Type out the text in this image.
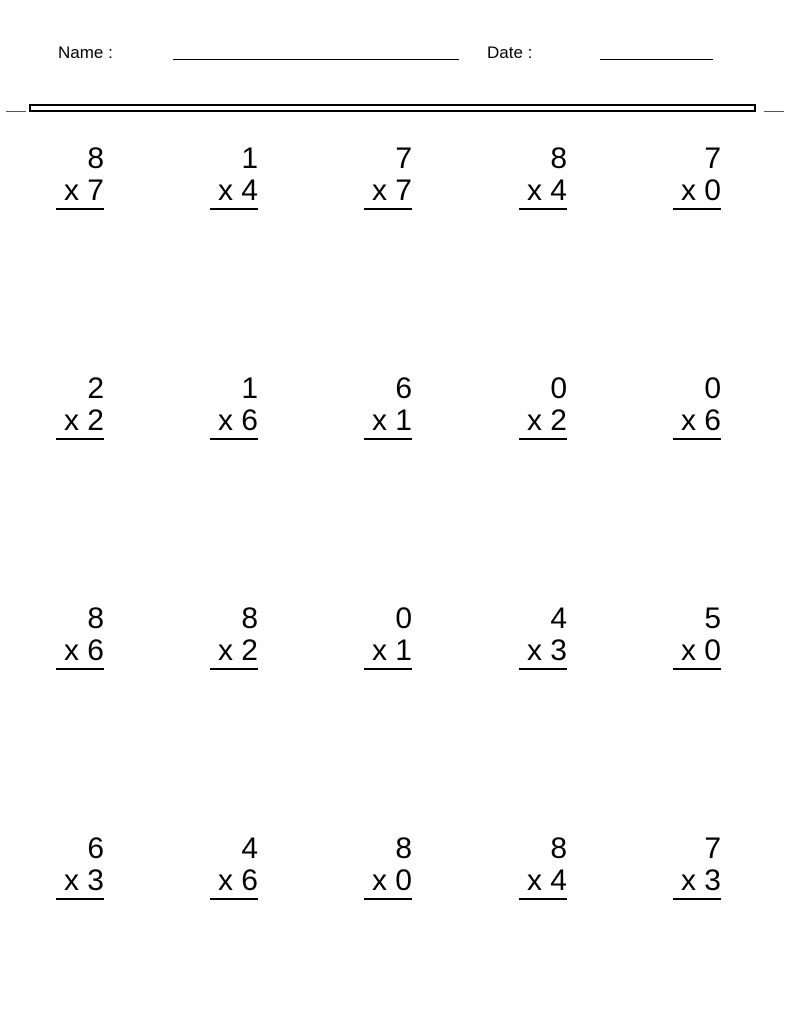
Name :	Date :
8
x 7
1
x 4
7
x 7
8
x 4
7
x 0
2
x 2
1
x 6
6
x 1
0
x 2
0
x 6
8
x 6
8
x 2
0
x 1
4
x 3
5
x 0
6
x 3
4
x 6
8
x 0
8
x 4
7
x 3
